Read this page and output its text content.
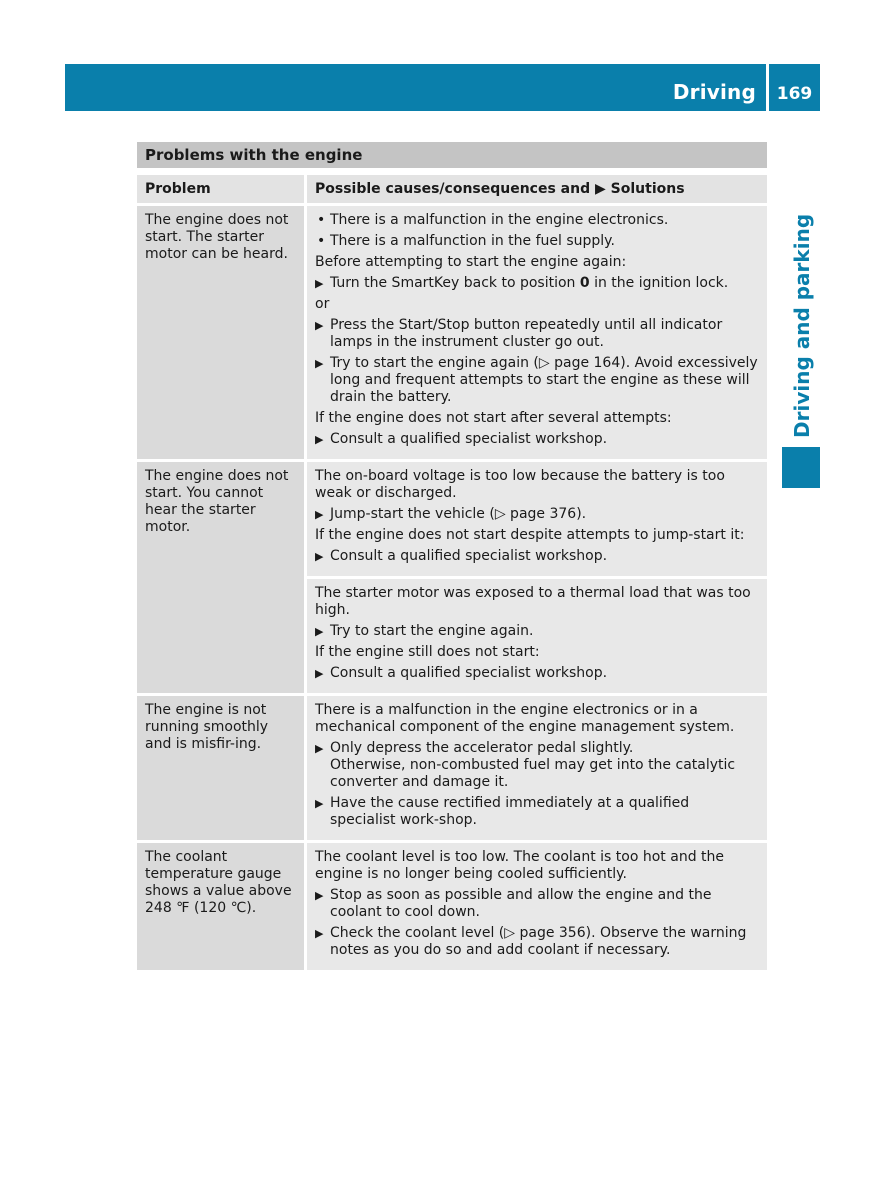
Driving	169
Driving and parking
Problems with the engine
Problem	Possible causes/consequences and ▶ Solutions
The engine does not start. The starter motor can be heard.
• There is a malfunction in the engine electronics.
• There is a malfunction in the fuel supply.
Before attempting to start the engine again:
▶ Turn the SmartKey back to position 0 in the ignition lock.
or
▶ Press the Start/Stop button repeatedly until all indicator lamps in the instrument cluster go out.
▶ Try to start the engine again (▷ page 164). Avoid excessively long and frequent attempts to start the engine as these will drain the battery.
If the engine does not start after several attempts:
▶ Consult a qualified specialist workshop.
The engine does not start. You cannot hear the starter motor.
The on-board voltage is too low because the battery is too weak or discharged.
▶ Jump-start the vehicle (▷ page 376).
If the engine does not start despite attempts to jump-start it:
▶ Consult a qualified specialist workshop.
The starter motor was exposed to a thermal load that was too high.
▶ Try to start the engine again.
If the engine still does not start:
▶ Consult a qualified specialist workshop.
The engine is not running smoothly and is misfir-ing.
There is a malfunction in the engine electronics or in a mechanical component of the engine management system.
▶ Only depress the accelerator pedal slightly.
Otherwise, non-combusted fuel may get into the catalytic converter and damage it.
▶ Have the cause rectified immediately at a qualified specialist work-shop.
The coolant temperature gauge shows a value above 248 ℉ (120 ℃).
The coolant level is too low. The coolant is too hot and the engine is no longer being cooled sufficiently.
▶ Stop as soon as possible and allow the engine and the coolant to cool down.
▶ Check the coolant level (▷ page 356). Observe the warning notes as you do so and add coolant if necessary.
